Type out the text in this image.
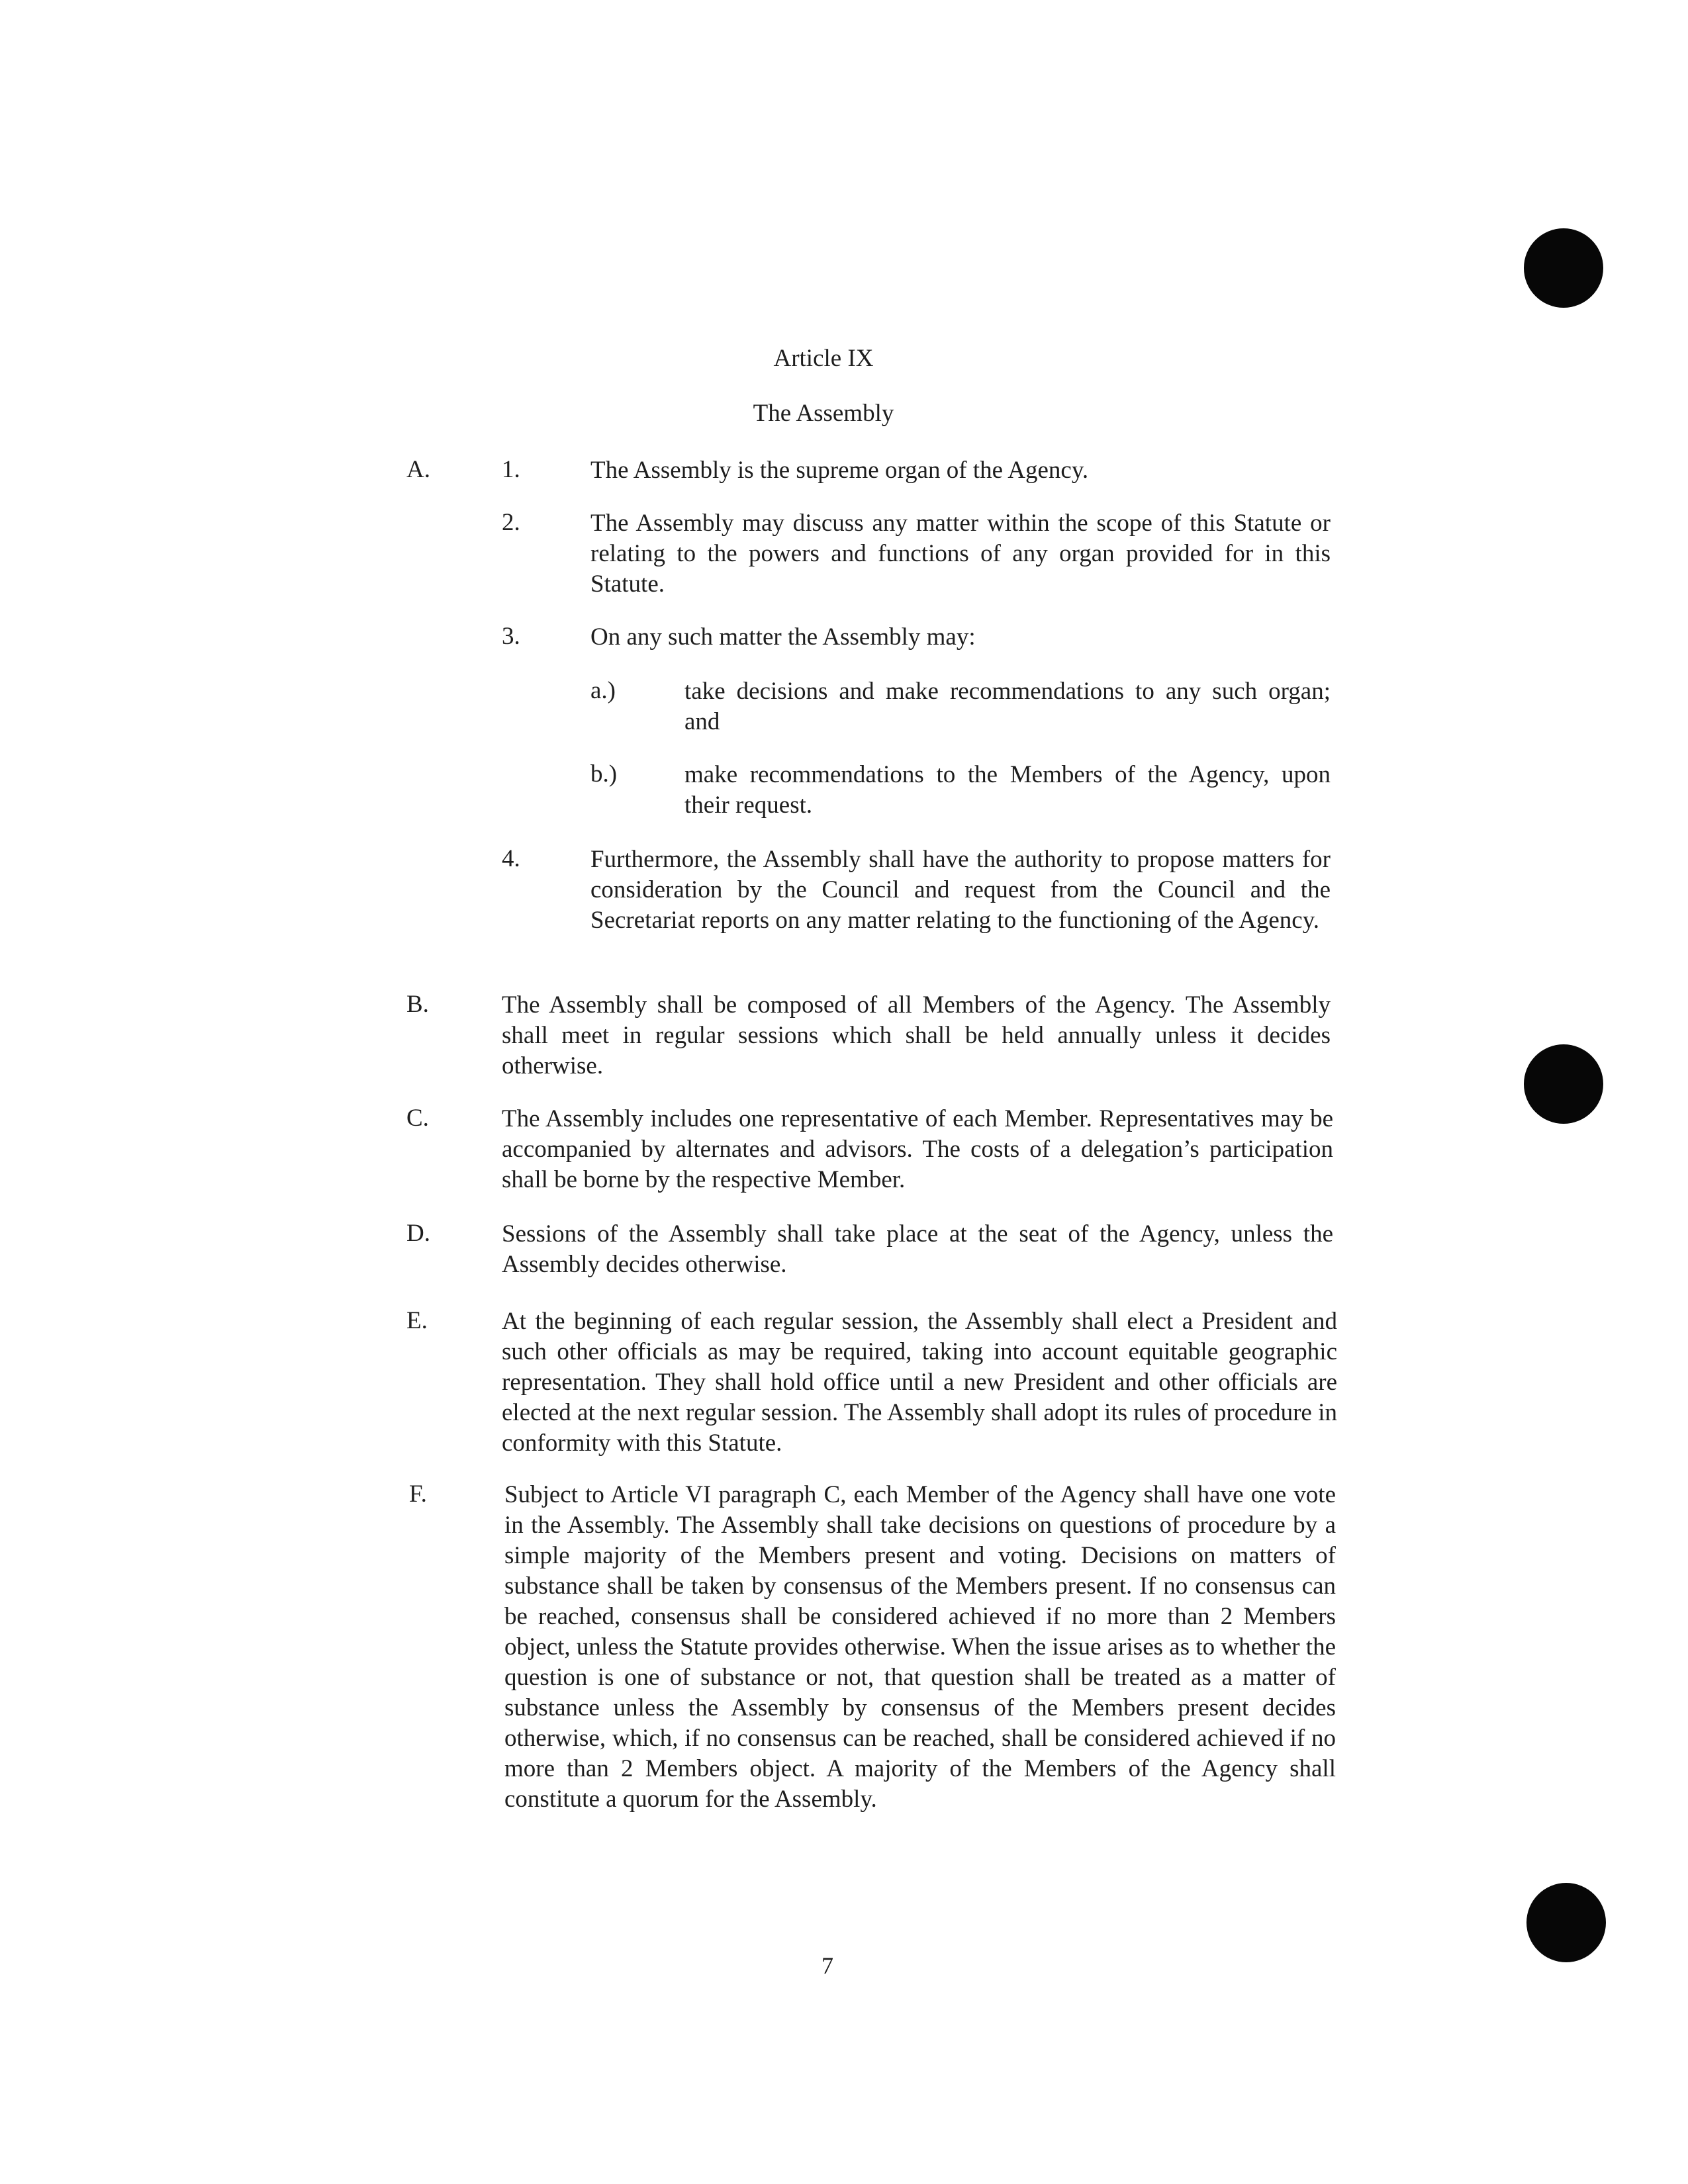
Article IX
The Assembly
A.	1.	The Assembly is the supreme organ of the Agency.
2.	The Assembly may discuss any matter within the scope of this Statute or relating to the powers and functions of any organ provided for in this Statute.
3.	On any such matter the Assembly may:
a.)	take decisions and make recommendations to any such organ; and
b.)	make recommendations to the Members of the Agency, upon their request.
4.	Furthermore, the Assembly shall have the authority to propose matters for consideration by the Council and request from the Council and the Secretariat reports on any matter relating to the functioning of the Agency.
B.	The Assembly shall be composed of all Members of the Agency. The Assembly shall meet in regular sessions which shall be held annually unless it decides otherwise.
C.	The Assembly includes one representative of each Member. Representatives may be accompanied by alternates and advisors. The costs of a delegation’s participation shall be borne by the respective Member.
D.	Sessions of the Assembly shall take place at the seat of the Agency, unless the Assembly decides otherwise.
E.	At the beginning of each regular session, the Assembly shall elect a President and such other officials as may be required, taking into account equitable geographic representation. They shall hold office until a new President and other officials are elected at the next regular session. The Assembly shall adopt its rules of procedure in conformity with this Statute.
F.	Subject to Article VI paragraph C, each Member of the Agency shall have one vote in the Assembly. The Assembly shall take decisions on questions of procedure by a simple majority of the Members present and voting. Decisions on matters of substance shall be taken by consensus of the Members present. If no consensus can be reached, consensus shall be considered achieved if no more than 2 Members object, unless the Statute provides otherwise. When the issue arises as to whether the question is one of substance or not, that question shall be treated as a matter of substance unless the Assembly by consensus of the Members present decides otherwise, which, if no consensus can be reached, shall be considered achieved if no more than 2 Members object. A majority of the Members of the Agency shall constitute a quorum for the Assembly.
7
